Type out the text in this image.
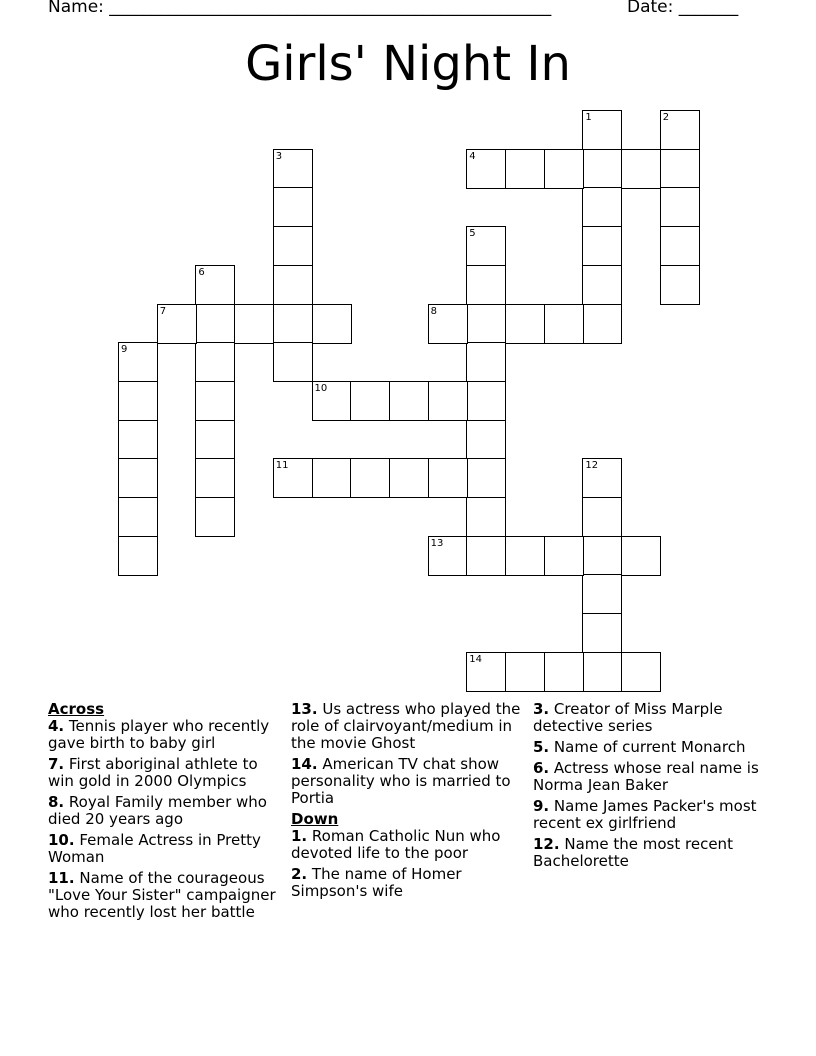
Name: ____________________________________________________	Date: _______
Girls' Night In
1	2
3	4
5
6
7	8
9
10
11	12
13
14
Across
4. Tennis player who recently gave birth to baby girl
7. First aboriginal athlete to win gold in 2000 Olympics
8. Royal Family member who died 20 years ago
10. Female Actress in Pretty Woman
11. Name of the courageous "Love Your Sister" campaigner who recently lost her battle
13. Us actress who played the role of clairvoyant/medium in the movie Ghost
14. American TV chat show personality who is married to Portia
Down
1. Roman Catholic Nun who devoted life to the poor
2. The name of Homer Simpson's wife
3. Creator of Miss Marple detective series
5. Name of current Monarch
6. Actress whose real name is Norma Jean Baker
9. Name James Packer's most recent ex girlfriend
12. Name the most recent Bachelorette
